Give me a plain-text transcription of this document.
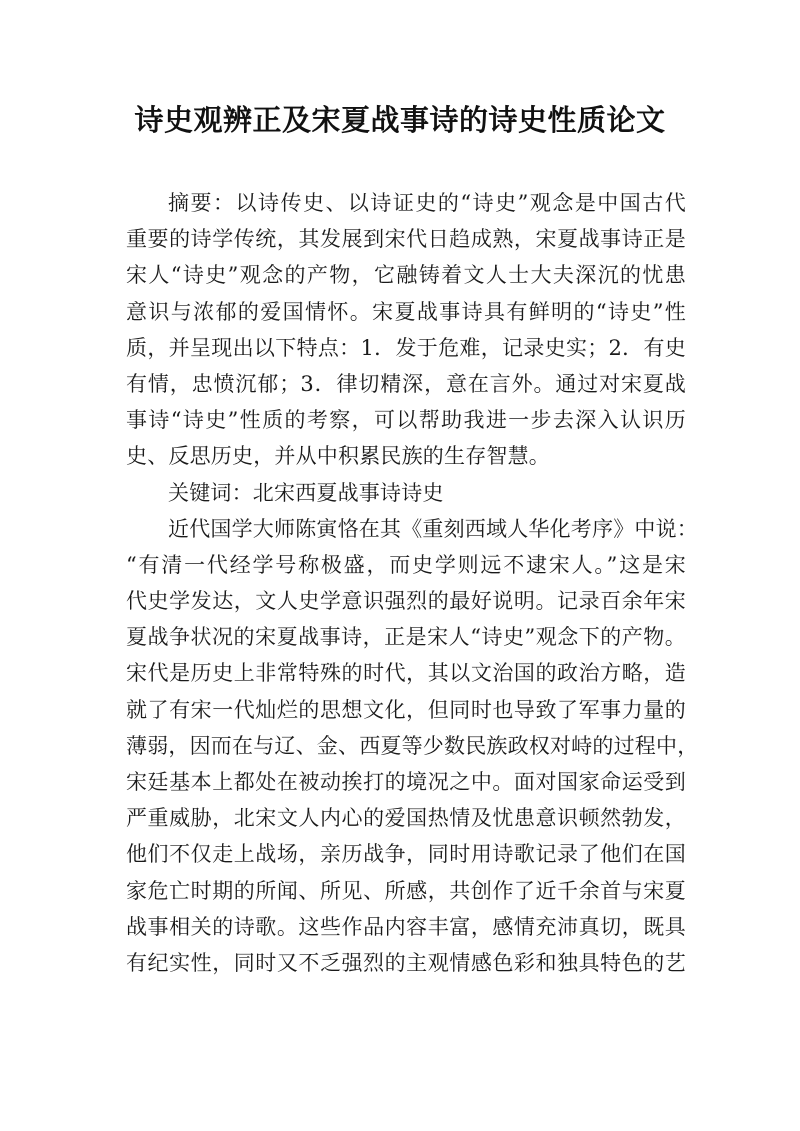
诗史观辨正及宋夏战事诗的诗史性质论文
摘要：以诗传史、以诗证史的“诗史”观念是中国古代
重要的诗学传统，其发展到宋代日趋成熟，宋夏战事诗正是
宋人“诗史”观念的产物，它融铸着文人士大夫深沉的忧患
意识与浓郁的爱国情怀。宋夏战事诗具有鲜明的“诗史”性
质，并呈现出以下特点：1．发于危难，记录史实；2．有史
有情，忠愤沉郁；3．律切精深，意在言外。通过对宋夏战
事诗“诗史”性质的考察，可以帮助我进一步去深入认识历
史、反思历史，并从中积累民族的生存智慧。
关键词：北宋西夏战事诗诗史
近代国学大师陈寅恪在其《重刻西域人华化考序》中说：
“有清一代经学号称极盛，而史学则远不逮宋人。”这是宋
代史学发达，文人史学意识强烈的最好说明。记录百余年宋
夏战争状况的宋夏战事诗，正是宋人“诗史”观念下的产物。
宋代是历史上非常特殊的时代，其以文治国的政治方略，造
就了有宋一代灿烂的思想文化，但同时也导致了军事力量的
薄弱，因而在与辽、金、西夏等少数民族政权对峙的过程中，
宋廷基本上都处在被动挨打的境况之中。面对国家命运受到
严重威胁，北宋文人内心的爱国热情及忧患意识顿然勃发，
他们不仅走上战场，亲历战争，同时用诗歌记录了他们在国
家危亡时期的所闻、所见、所感，共创作了近千余首与宋夏
战事相关的诗歌。这些作品内容丰富，感情充沛真切，既具
有纪实性，同时又不乏强烈的主观情感色彩和独具特色的艺
